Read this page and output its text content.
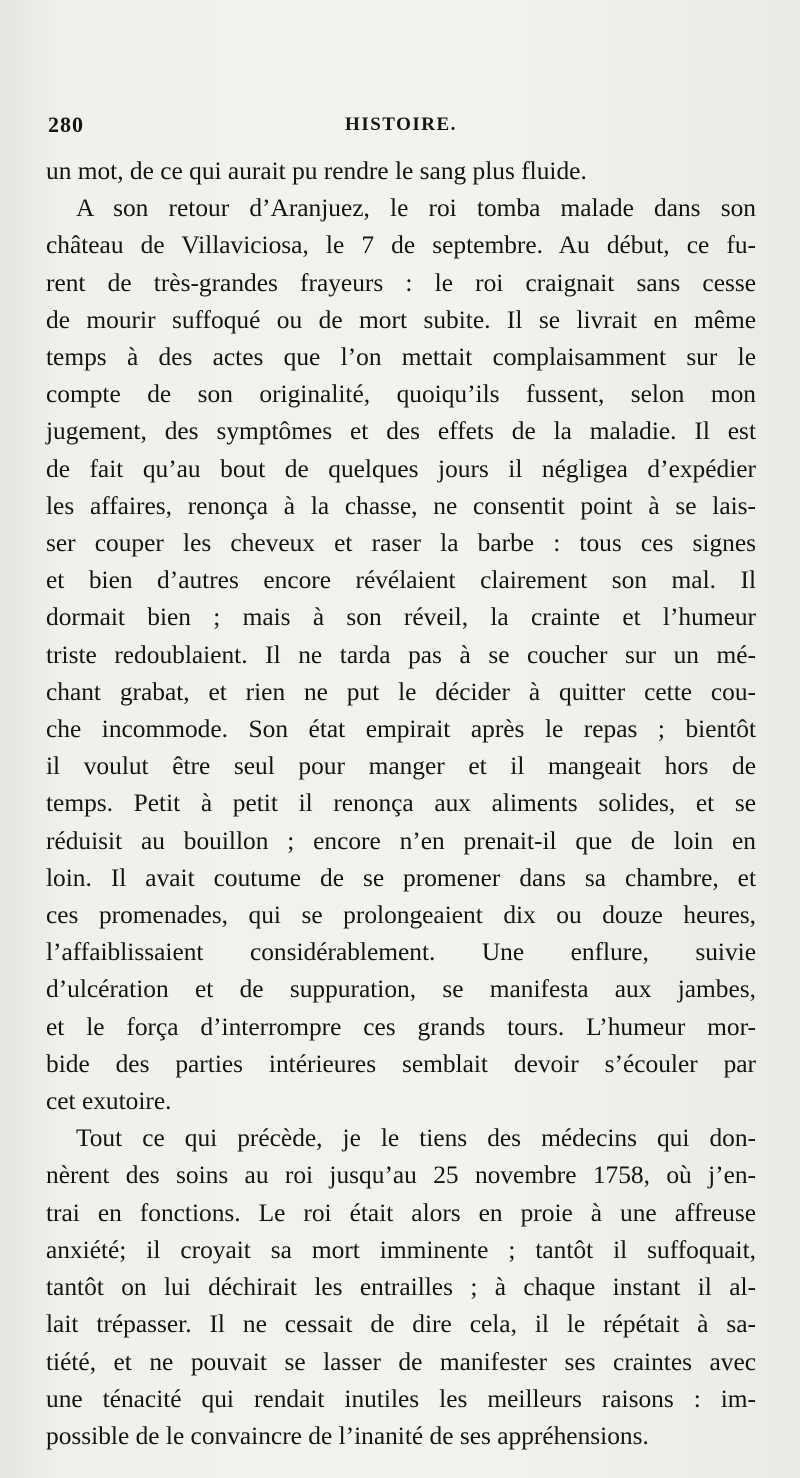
280	HISTOIRE.
un mot, de ce qui aurait pu rendre le sang plus fluide.
A son retour d’Aranjuez, le roi tomba malade dans son
château de Villaviciosa, le 7 de septembre. Au début, ce fu-
rent de très-grandes frayeurs : le roi craignait sans cesse
de mourir suffoqué ou de mort subite. Il se livrait en même
temps à des actes que l’on mettait complaisamment sur le
compte de son originalité, quoiqu’ils fussent, selon mon
jugement, des symptômes et des effets de la maladie. Il est
de fait qu’au bout de quelques jours il négligea d’expédier
les affaires, renonça à la chasse, ne consentit point à se lais-
ser couper les cheveux et raser la barbe : tous ces signes
et bien d’autres encore révélaient clairement son mal. Il
dormait bien ; mais à son réveil, la crainte et l’humeur
triste redoublaient. Il ne tarda pas à se coucher sur un mé-
chant grabat, et rien ne put le décider à quitter cette cou-
che incommode. Son état empirait après le repas ; bientôt
il voulut être seul pour manger et il mangeait hors de
temps. Petit à petit il renonça aux aliments solides, et se
réduisit au bouillon ; encore n’en prenait-il que de loin en
loin. Il avait coutume de se promener dans sa chambre, et
ces promenades, qui se prolongeaient dix ou douze heures,
l’affaiblissaient considérablement. Une enflure, suivie
d’ulcération et de suppuration, se manifesta aux jambes,
et le força d’interrompre ces grands tours. L’humeur mor-
bide des parties intérieures semblait devoir s’écouler par
cet exutoire.
Tout ce qui précède, je le tiens des médecins qui don-
nèrent des soins au roi jusqu’au 25 novembre 1758, où j’en-
trai en fonctions. Le roi était alors en proie à une affreuse
anxiété; il croyait sa mort imminente ; tantôt il suffoquait,
tantôt on lui déchirait les entrailles ; à chaque instant il al-
lait trépasser. Il ne cessait de dire cela, il le répétait à sa-
tiété, et ne pouvait se lasser de manifester ses craintes avec
une ténacité qui rendait inutiles les meilleurs raisons : im-
possible de le convaincre de l’inanité de ses appréhensions.
